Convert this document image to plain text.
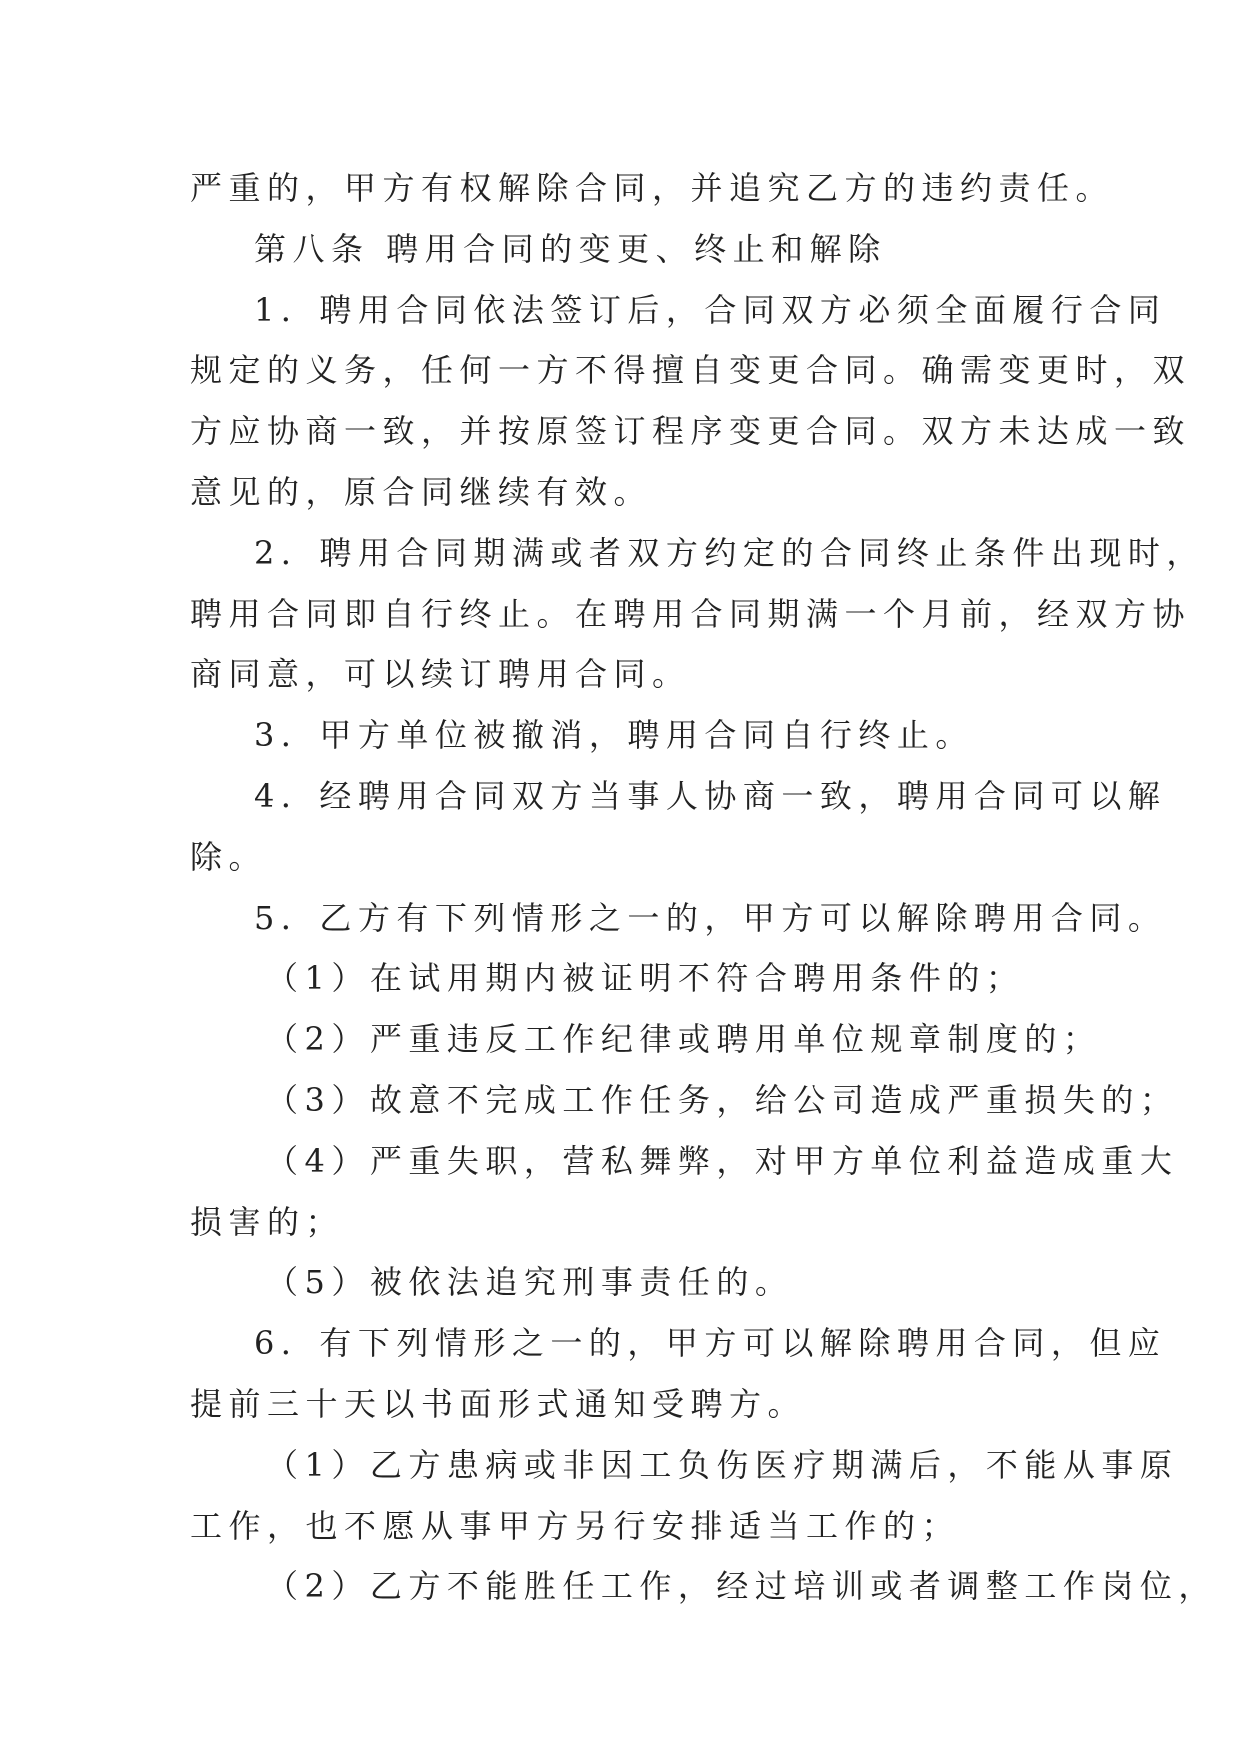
严重的，甲方有权解除合同，并追究乙方的违约责任。
第八条 聘用合同的变更、终止和解除
1．聘用合同依法签订后，合同双方必须全面履行合同
规定的义务，任何一方不得擅自变更合同。确需变更时，双
方应协商一致，并按原签订程序变更合同。双方未达成一致
意见的，原合同继续有效。
2．聘用合同期满或者双方约定的合同终止条件出现时，
聘用合同即自行终止。在聘用合同期满一个月前，经双方协
商同意，可以续订聘用合同。
3．甲方单位被撤消，聘用合同自行终止。
4．经聘用合同双方当事人协商一致，聘用合同可以解
除。
5．乙方有下列情形之一的，甲方可以解除聘用合同。
（1）在试用期内被证明不符合聘用条件的；
（2）严重违反工作纪律或聘用单位规章制度的；
（3）故意不完成工作任务，给公司造成严重损失的；
（4）严重失职，营私舞弊，对甲方单位利益造成重大
损害的；
（5）被依法追究刑事责任的。
6．有下列情形之一的，甲方可以解除聘用合同，但应
提前三十天以书面形式通知受聘方。
（1）乙方患病或非因工负伤医疗期满后，不能从事原
工作，也不愿从事甲方另行安排适当工作的；
（2）乙方不能胜任工作，经过培训或者调整工作岗位，
